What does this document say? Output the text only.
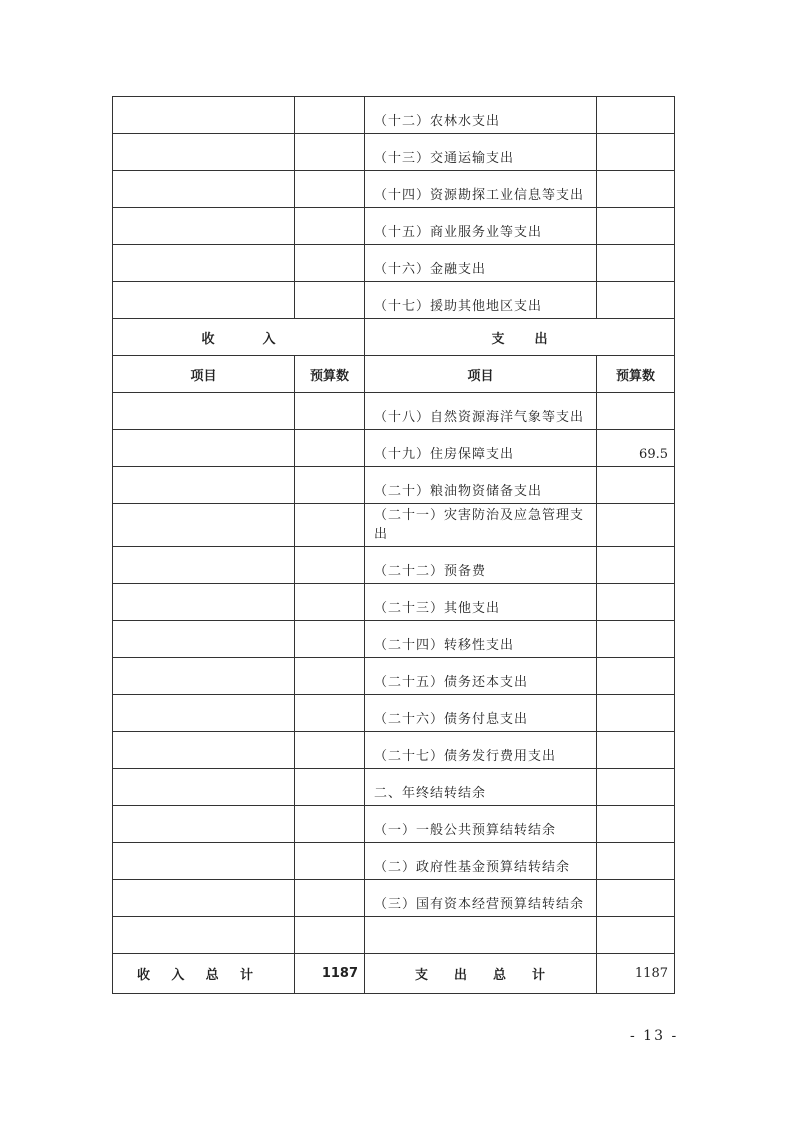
		（十二）农林水支出	
		（十三）交通运输支出	
		（十四）资源勘探工业信息等支出	
		（十五）商业服务业等支出	
		（十六）金融支出	
		（十七）援助其他地区支出	

收 入		支 出	

项目	预算数	项目	预算数
		（十八）自然资源海洋气象等支出	
		（十九）住房保障支出	69.5
		（二十）粮油物资储备支出	
		（二十一）灾害防治及应急管理支出	
		（二十二）预备费	
		（二十三）其他支出	
		（二十四）转移性支出	
		（二十五）债务还本支出	
		（二十六）债务付息支出	
		（二十七）债务发行费用支出	
		二、年终结转结余	
		（一）一般公共预算结转结余	
		（二）政府性基金预算结转结余	
		（三）国有资本经营预算结转结余	

收 入 总 计	1187	支 出 总 计	1187
- 13 -
